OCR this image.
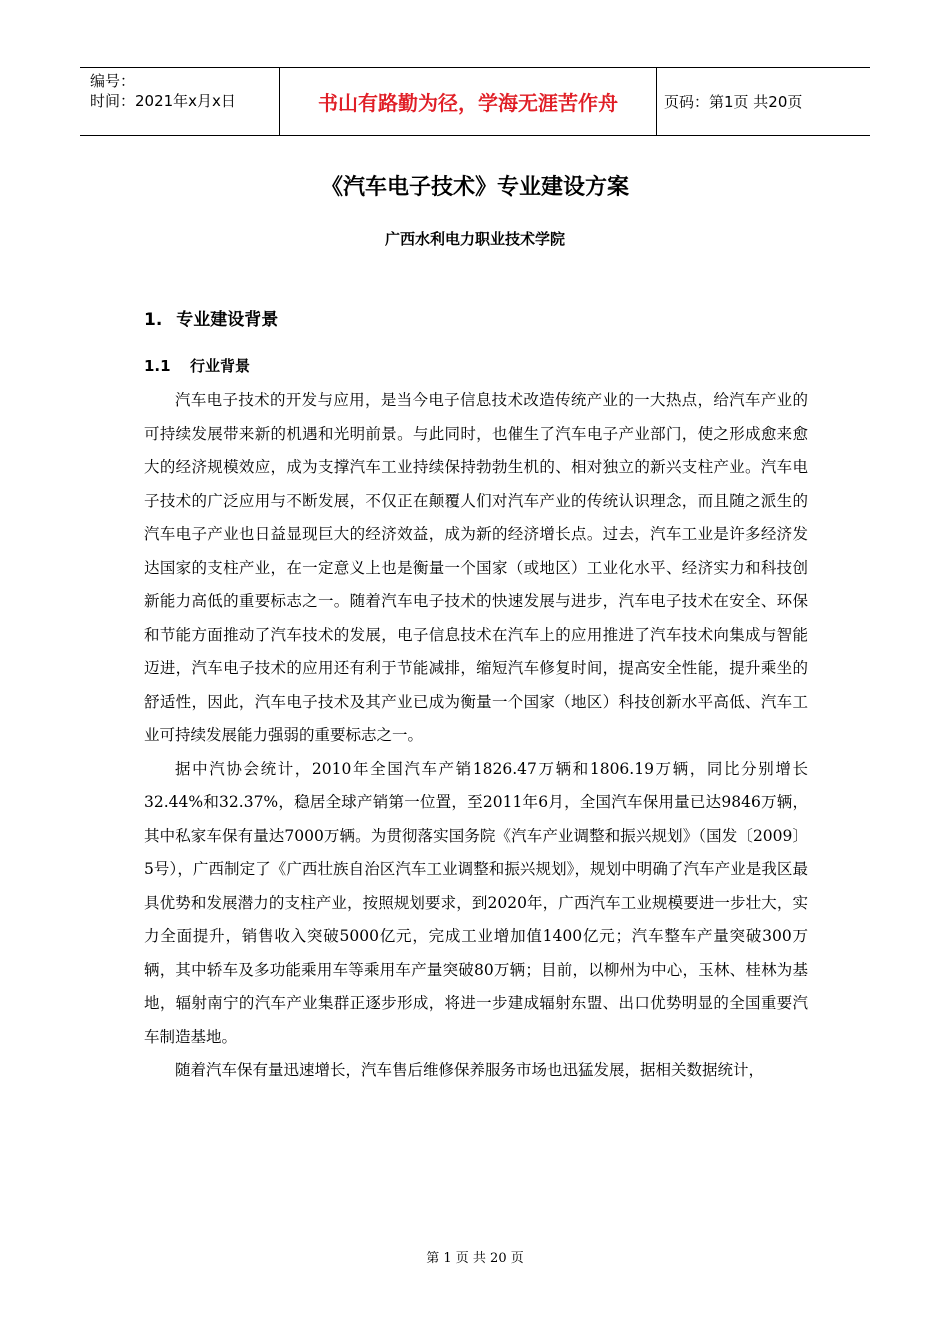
编号：
时间：2021年x月x日	书山有路勤为径，学海无涯苦作舟	页码：第1页 共20页
《汽车电子技术》专业建设方案
广西水利电力职业技术学院
1. 专业建设背景
1.1 行业背景

汽车电子技术的开发与应用，是当今电子信息技术改造传统产业的一大热点，给汽车产业的可持续发展带来新的机遇和光明前景。与此同时，也催生了汽车电子产业部门，使之形成愈来愈大的经济规模效应，成为支撑汽车工业持续保持勃勃生机的、相对独立的新兴支柱产业。汽车电子技术的广泛应用与不断发展，不仅正在颠覆人们对汽车产业的传统认识理念，而且随之派生的汽车电子产业也日益显现巨大的经济效益，成为新的经济增长点。过去，汽车工业是许多经济发达国家的支柱产业，在一定意义上也是衡量一个国家（或地区）工业化水平、经济实力和科技创新能力高低的重要标志之一。随着汽车电子技术的快速发展与进步，汽车电子技术在安全、环保和节能方面推动了汽车技术的发展，电子信息技术在汽车上的应用推进了汽车技术向集成与智能迈进，汽车电子技术的应用还有利于节能减排，缩短汽车修复时间，提高安全性能，提升乘坐的舒适性，因此，汽车电子技术及其产业已成为衡量一个国家（地区）科技创新水平高低、汽车工业可持续发展能力强弱的重要标志之一。

据中汽协会统计，2010年全国汽车产销1826.47万辆和1806.19万辆，同比分别增长32.44%和32.37%，稳居全球产销第一位置，至2011年6月，全国汽车保用量已达9846万辆，其中私家车保有量达7000万辆。为贯彻落实国务院《汽车产业调整和振兴规划》（国发〔2009〕5号），广西制定了《广西壮族自治区汽车工业调整和振兴规划》，规划中明确了汽车产业是我区最具优势和发展潜力的支柱产业，按照规划要求，到2020年，广西汽车工业规模要进一步壮大，实力全面提升，销售收入突破5000亿元，完成工业增加值1400亿元；汽车整车产量突破300万辆，其中轿车及多功能乘用车等乘用车产量突破80万辆；目前，以柳州为中心，玉林、桂林为基地，辐射南宁的汽车产业集群正逐步形成，将进一步建成辐射东盟、出口优势明显的全国重要汽车制造基地。

随着汽车保有量迅速增长，汽车售后维修保养服务市场也迅猛发展，据相关数据统计，

第 1 页 共 20 页
